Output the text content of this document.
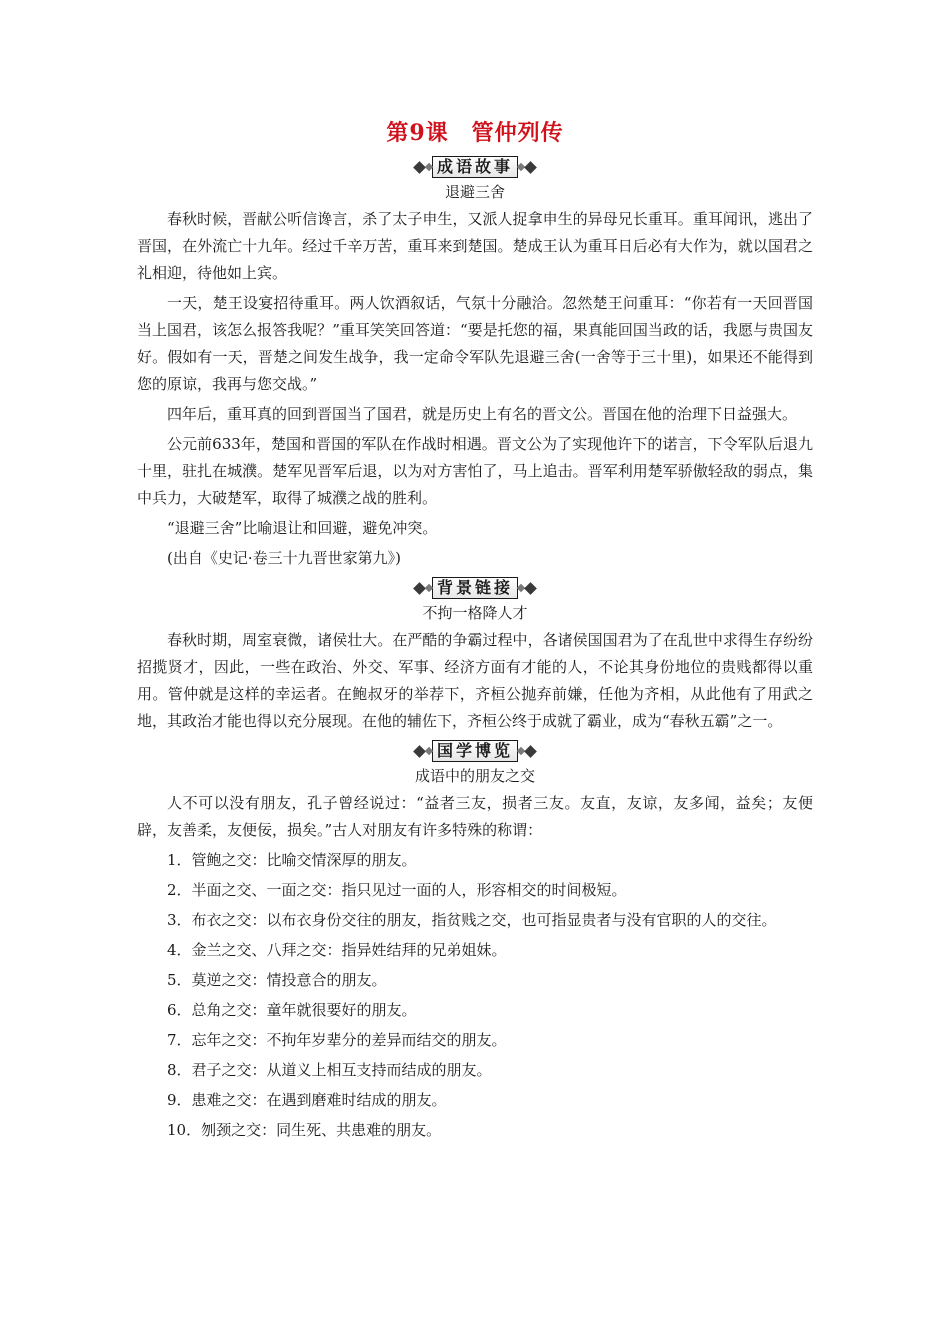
第9课　管仲列传
成语故事
退避三舍

春秋时候，晋献公听信谗言，杀了太子申生，又派人捉拿申生的异母兄长重耳。重耳闻讯，逃出了晋国，在外流亡十九年。经过千辛万苦，重耳来到楚国。楚成王认为重耳日后必有大作为，就以国君之礼相迎，待他如上宾。

一天，楚王设宴招待重耳。两人饮酒叙话，气氛十分融洽。忽然楚王问重耳：“你若有一天回晋国当上国君，该怎么报答我呢？”重耳笑笑回答道：“要是托您的福，果真能回国当政的话，我愿与贵国友好。假如有一天，晋楚之间发生战争，我一定命令军队先退避三舍(一舍等于三十里)，如果还不能得到您的原谅，我再与您交战。”

四年后，重耳真的回到晋国当了国君，就是历史上有名的晋文公。晋国在他的治理下日益强大。

公元前633年，楚国和晋国的军队在作战时相遇。晋文公为了实现他许下的诺言，下令军队后退九十里，驻扎在城濮。楚军见晋军后退，以为对方害怕了，马上追击。晋军利用楚军骄傲轻敌的弱点，集中兵力，大破楚军，取得了城濮之战的胜利。

“退避三舍”比喻退让和回避，避免冲突。

(出自《史记·卷三十九晋世家第九》)

背景链接
不拘一格降人才

春秋时期，周室衰微，诸侯壮大。在严酷的争霸过程中，各诸侯国国君为了在乱世中求得生存纷纷招揽贤才，因此，一些在政治、外交、军事、经济方面有才能的人，不论其身份地位的贵贱都得以重用。管仲就是这样的幸运者。在鲍叔牙的举荐下，齐桓公抛弃前嫌，任他为齐相，从此他有了用武之地，其政治才能也得以充分展现。在他的辅佐下，齐桓公终于成就了霸业，成为“春秋五霸”之一。

国学博览
成语中的朋友之交

人不可以没有朋友，孔子曾经说过：“益者三友，损者三友。友直，友谅，友多闻，益矣；友便辟，友善柔，友便佞，损矣。”古人对朋友有许多特殊的称谓：

1．管鲍之交：比喻交情深厚的朋友。

2．半面之交、一面之交：指只见过一面的人，形容相交的时间极短。

3．布衣之交：以布衣身份交往的朋友，指贫贱之交，也可指显贵者与没有官职的人的交往。

4．金兰之交、八拜之交：指异姓结拜的兄弟姐妹。

5．莫逆之交：情投意合的朋友。

6．总角之交：童年就很要好的朋友。

7．忘年之交：不拘年岁辈分的差异而结交的朋友。

8．君子之交：从道义上相互支持而结成的朋友。

9．患难之交：在遇到磨难时结成的朋友。

10．刎颈之交：同生死、共患难的朋友。
